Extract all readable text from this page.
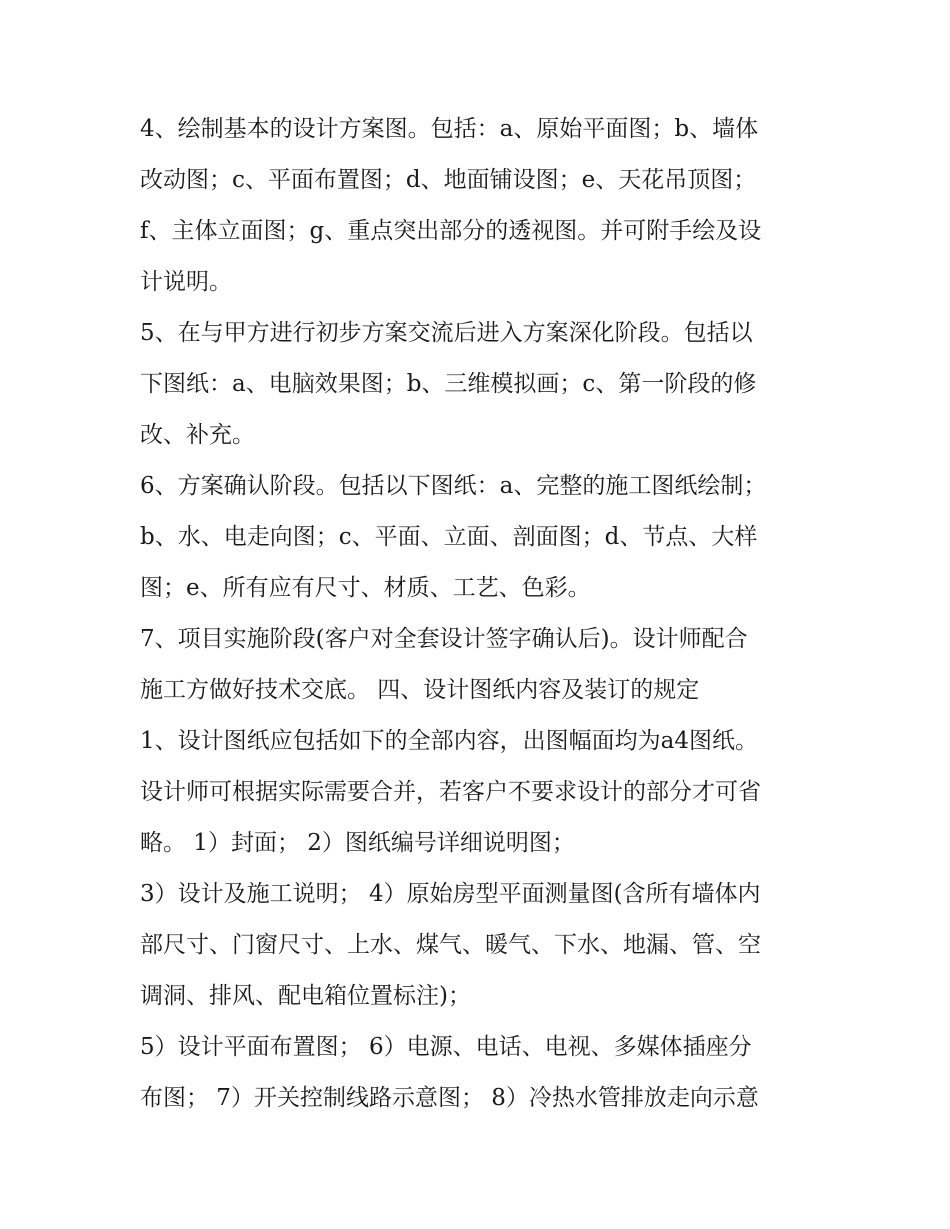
4、绘制基本的设计方案图。包括：a、原始平面图；b、墙体
改动图；c、平面布置图；d、地面铺设图；e、天花吊顶图；
f、主体立面图；g、重点突出部分的透视图。并可附手绘及设
计说明。
5、在与甲方进行初步方案交流后进入方案深化阶段。包括以
下图纸：a、电脑效果图；b、三维模拟画；c、第一阶段的修
改、补充。
6、方案确认阶段。包括以下图纸：a、完整的施工图纸绘制；
b、水、电走向图；c、平面、立面、剖面图；d、节点、大样
图；e、所有应有尺寸、材质、工艺、色彩。
7、项目实施阶段(客户对全套设计签字确认后)。设计师配合
施工方做好技术交底。 四、设计图纸内容及装订的规定
1、设计图纸应包括如下的全部内容，出图幅面均为a4图纸。
设计师可根据实际需要合并，若客户不要求设计的部分才可省
略。 1）封面； 2）图纸编号详细说明图；
3）设计及施工说明； 4）原始房型平面测量图(含所有墙体内
部尺寸、门窗尺寸、上水、煤气、暖气、下水、地漏、管、空
调洞、排风、配电箱位置标注)；
5）设计平面布置图； 6）电源、电话、电视、多媒体插座分
布图； 7）开关控制线路示意图； 8）冷热水管排放走向示意
